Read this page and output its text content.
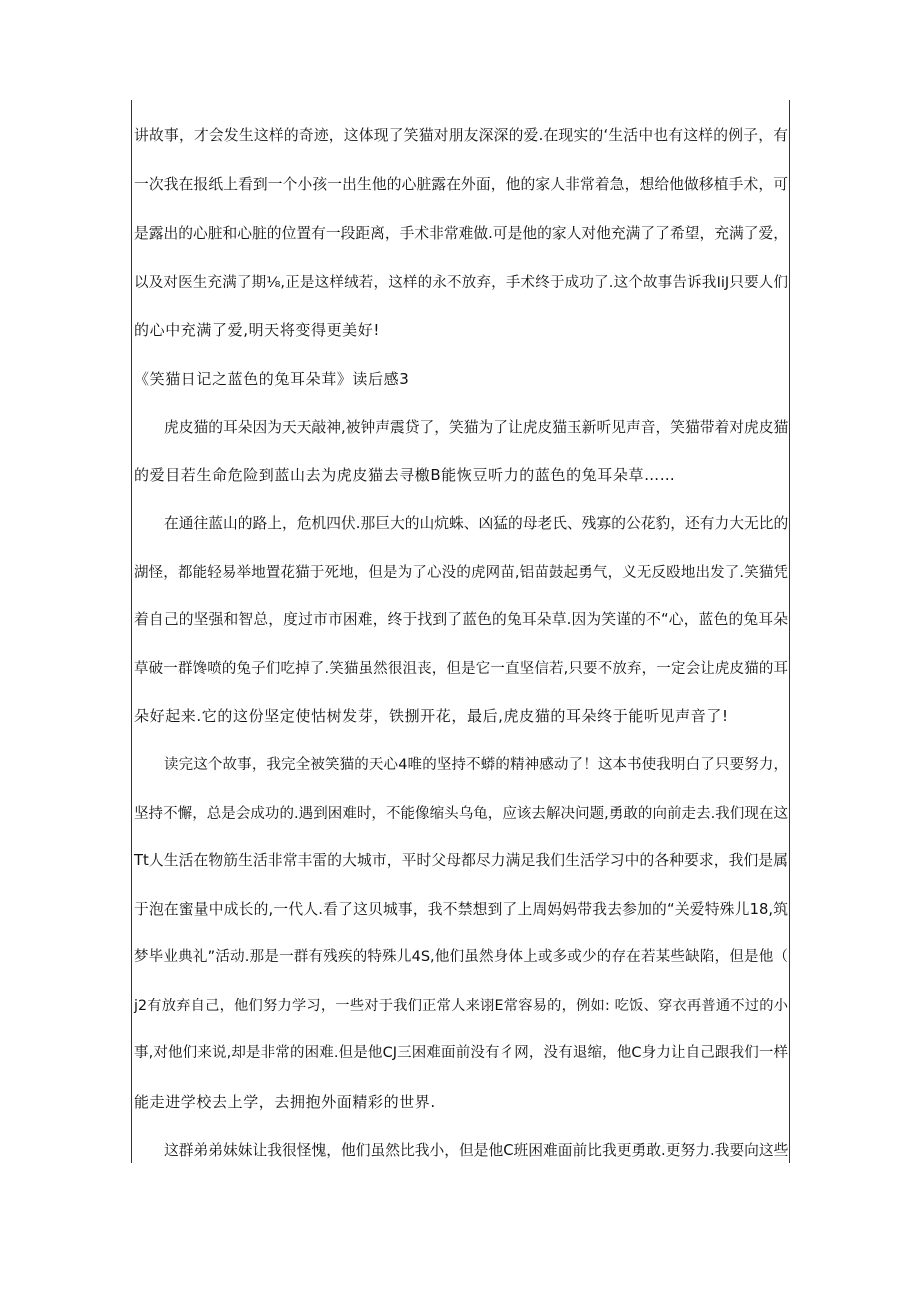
讲故事，才会发生这样的奇迹，这体现了笑猫对朋友深深的爱.在现实的‘生活中也有这样的例子，有
一次我在报纸上看到一个小孩一出生他的心脏露在外面，他的家人非常着急，想给他做移植手术，可
是露出的心脏和心脏的位置有一段距离，手术非常难做.可是他的家人对他充满了了希望，充满了爱，
以及对医生充满了期⅛,正是这样绒若，这样的永不放弃，手术终于成功了.这个故事告诉我IiJ只要人们
的心中充满了爱,明天将变得更美好!
《笑猫日记之蓝色的兔耳朵茸》读后感3
虎皮猫的耳朵因为天天敲神,被钟声震贷了，笑猫为了让虎皮猫玉新听见声音，笑猫带着对虎皮猫
的爱目若生命危险到蓝山去为虎皮猫去寻檄B能恢豆听力的蓝色的兔耳朵草……
在通往蓝山的路上，危机四伏.那巨大的山炕蛛、凶猛的母老氏、残寡的公花豹，还有力大无比的
湖怪，都能轻易举地置花猫于死地，但是为了心没的虎网苗,铝苗鼓起勇气，义无反殴地出发了.笑猫凭
着自己的坚强和智总，度过市市困难，终于找到了蓝色的兔耳朵草.因为笑谨的不“心，蓝色的兔耳朵
草破一群馋喷的兔子们吃掉了.笑猫虽然很沮丧，但是它一直坚信若,只要不放弃，一定会让虎皮猫的耳
朵好起来.它的这份坚定使怙树发芽，铁捌开花，最后,虎皮猫的耳朵终于能听见声音了!
读完这个故事，我完全被笑猫的天心4唯的坚持不蟒的精神感动了！这本书使我明白了只要努力，
坚持不懈，总是会成功的.遇到困难时，不能像缩头乌龟，应该去解决问题,勇敢的向前走去.我们现在这
Tt人生活在物筋生活非常丰雷的大城市，平时父母都尽力满足我们生活学习中的各种要求，我们是属
于泡在蜜量中成长的,一代人.看了这贝城事，我不禁想到了上周妈妈带我去参加的“关爱特殊儿18,筑
梦毕业典礼”活动.那是一群有残疾的特殊儿4S,他们虽然身体上或多或少的存在若某些缺陷，但是他（
j2有放弃自己，他们努力学习，一些对于我们正常人来诩E常容易的，例如: 吃饭、穿衣再普通不过的小
事,对他们来说,却是非常的困难.但是他CJ三困难面前没有彳网，没有退缩，他C身力让自己跟我们一样
能走进学校去上学，去拥抱外面精彩的世界.
这群弟弟妹妹让我很怪愧，他们虽然比我小，但是他C班困难面前比我更勇敢.更努力.我要向这些
